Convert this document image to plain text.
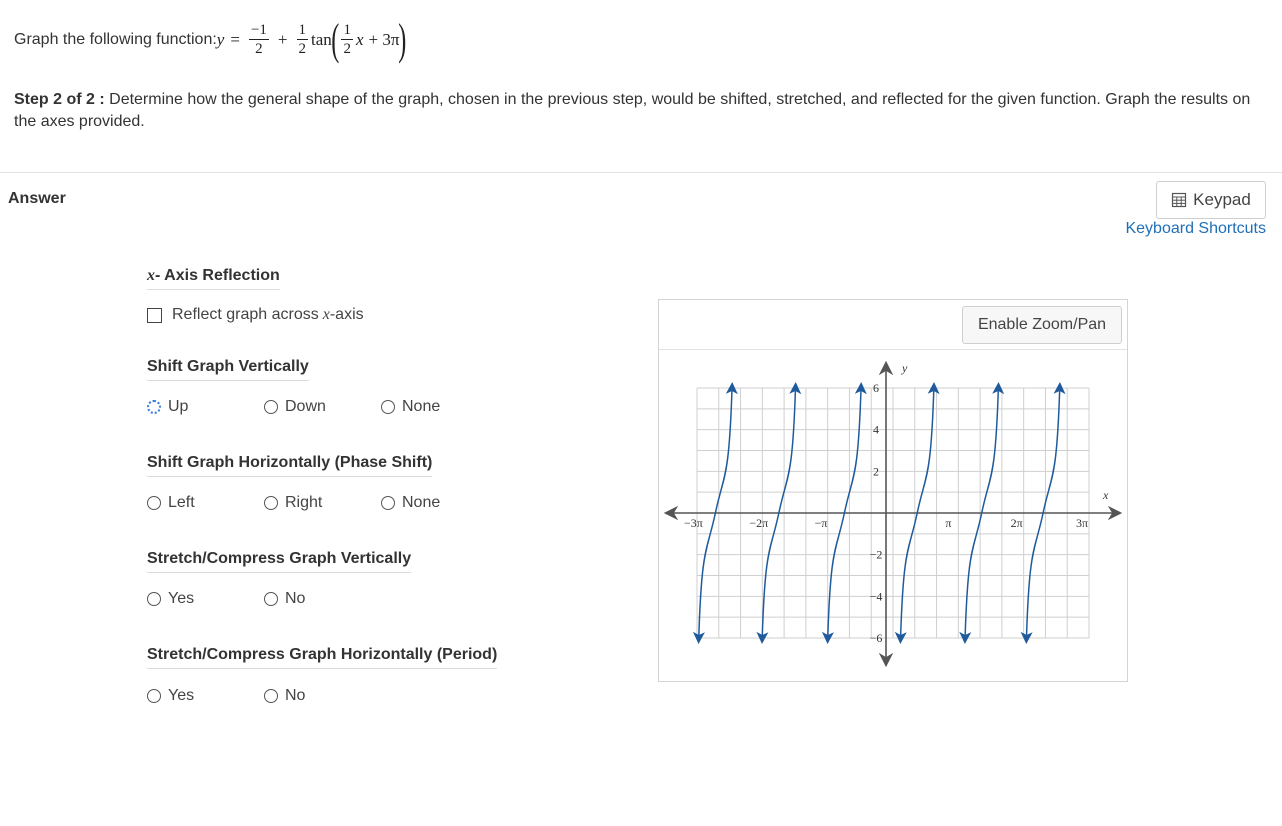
Graph the following function: $y = \frac{-1}{2} + \frac{1}{2}$ tan ( $\frac{1}{2}$ x + 3π )
Step 2 of 2 : Determine how the general shape of the graph, chosen in the previous step, would be shifted, stretched, and reflected for the given function. Graph the results on the axes provided.
Answer	Keypad
Keyboard Shortcuts
x- Axis Reflection
Reflect graph across x -axis
Shift Graph Vertically
Up	Down	None
Shift Graph Horizontally (Phase Shift)
Left	Right	None
Stretch/Compress Graph Vertically
Yes	No
Stretch/Compress Graph Horizontally (Period)
Yes	No
Enable Zoom/Pan
−3π	−2π	−π	π	2π	3π
6
4
2
−2
−4
−6
x
y
